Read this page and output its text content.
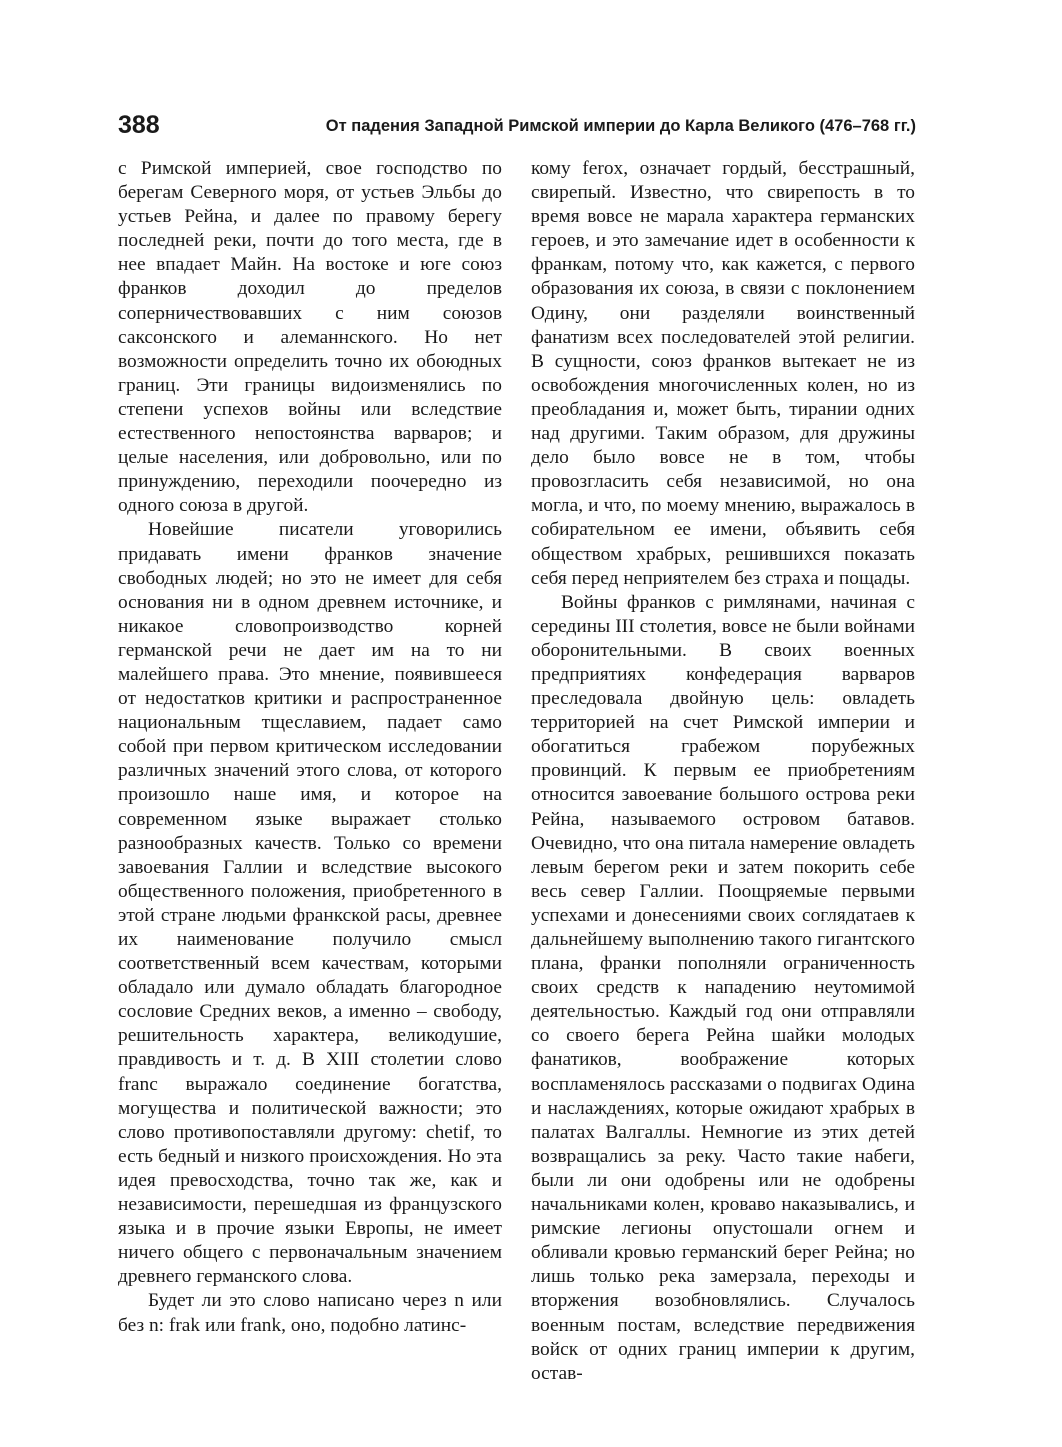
388	От падения Западной Римской империи до Карла Великого (476–768 гг.)

с Римской империей, свое господство по берегам Северного моря, от устьев Эльбы до устьев Рейна, и далее по правому берегу последней реки, почти до того места, где в нее впадает Майн. На востоке и юге союз франков доходил до пределов соперничествовавших с ним союзов саксонского и алеманнского. Но нет возможности определить точно их обоюдных границ. Эти границы видоизменялись по степени успехов войны или вследствие естественного непостоянства варваров; и целые населения, или добровольно, или по принуждению, переходили поочередно из одного союза в другой.

Новейшие писатели уговорились придавать имени франков значение свободных людей; но это не имеет для себя основания ни в одном древнем источнике, и никакое словопроизводство корней германской речи не дает им на то ни малейшего права. Это мнение, появившееся от недостатков критики и распространенное национальным тщеславием, падает само собой при первом критическом исследовании различных значений этого слова, от которого произошло наше имя, и которое на современном языке выражает столько разнообразных качеств. Только со времени завоевания Галлии и вследствие высокого общественного положения, приобретенного в этой стране людьми франкской расы, древнее их наименование получило смысл соответственный всем качествам, которыми обладало или думало обладать благородное сословие Средних веков, а именно – свободу, решительность характера, великодушие, правдивость и т. д. В XIII столетии слово franc выражало соединение богатства, могущества и политической важности; это слово противопоставляли другому: chetif, то есть бедный и низкого происхождения. Но эта идея превосходства, точно так же, как и независимости, перешедшая из французского языка и в прочие языки Европы, не имеет ничего общего с первоначальным значением древнего германского слова.

Будет ли это слово написано через n или без n: frak или frank, оно, подобно латинс-

кому ferox, означает гордый, бесстрашный, свирепый. Известно, что свирепость в то время вовсе не марала характера германских героев, и это замечание идет в особенности к франкам, потому что, как кажется, с первого образования их союза, в связи с поклонением Одину, они разделяли воинственный фанатизм всех последователей этой религии. В сущности, союз франков вытекает не из освобождения многочисленных колен, но из преобладания и, может быть, тирании одних над другими. Таким образом, для дружины дело было вовсе не в том, чтобы провозгласить себя независимой, но она могла, и что, по моему мнению, выражалось в собирательном ее имени, объявить себя обществом храбрых, решившихся показать себя перед неприятелем без страха и пощады.

Войны франков с римлянами, начиная с середины III столетия, вовсе не были войнами оборонительными. В своих военных предприятиях конфедерация варваров преследовала двойную цель: овладеть территорией на счет Римской империи и обогатиться грабежом порубежных провинций. К первым ее приобретениям относится завоевание большого острова реки Рейна, называемого островом батавов. Очевидно, что она питала намерение овладеть левым берегом реки и затем покорить себе весь север Галлии. Поощряемые первыми успехами и донесениями своих соглядатаев к дальнейшему выполнению такого гигантского плана, франки пополняли ограниченность своих средств к нападению неутомимой деятельностью. Каждый год они отправляли со своего берега Рейна шайки молодых фанатиков, воображение которых воспламенялось рассказами о подвигах Одина и наслаждениях, которые ожидают храбрых в палатах Валгаллы. Немногие из этих детей возвращались за реку. Часто такие набеги, были ли они одобрены или не одобрены начальниками колен, кроваво наказывались, и римские легионы опустошали огнем и обливали кровью германский берег Рейна; но лишь только река замерзала, переходы и вторжения возобновлялись. Случалось военным постам, вследствие передвижения войск от одних границ империи к другим, остав-
